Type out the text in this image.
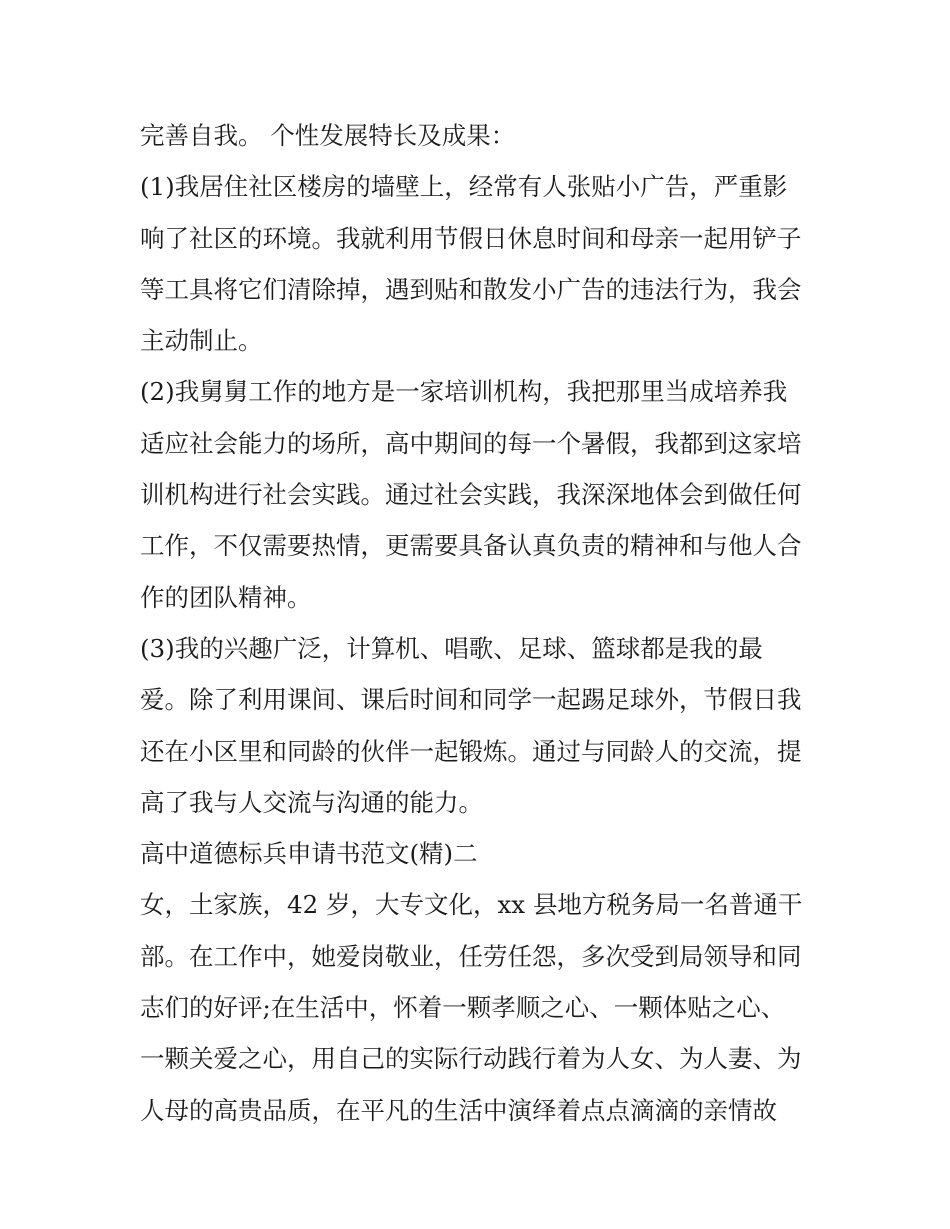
完善自我。 个性发展特长及成果：

(1)我居住社区楼房的墙壁上，经常有人张贴小广告，严重影

响了社区的环境。我就利用节假日休息时间和母亲一起用铲子

等工具将它们清除掉，遇到贴和散发小广告的违法行为，我会

主动制止。

(2)我舅舅工作的地方是一家培训机构，我把那里当成培养我

适应社会能力的场所，高中期间的每一个暑假，我都到这家培

训机构进行社会实践。通过社会实践，我深深地体会到做任何

工作，不仅需要热情，更需要具备认真负责的精神和与他人合

作的团队精神。

(3)我的兴趣广泛，计算机、唱歌、足球、篮球都是我的最

爱。除了利用课间、课后时间和同学一起踢足球外，节假日我

还在小区里和同龄的伙伴一起锻炼。通过与同龄人的交流，提

高了我与人交流与沟通的能力。

高中道德标兵申请书范文(精)二

女，土家族，42 岁，大专文化，xx 县地方税务局一名普通干

部。在工作中，她爱岗敬业，任劳任怨，多次受到局领导和同

志们的好评;在生活中，怀着一颗孝顺之心、一颗体贴之心、

一颗关爱之心，用自己的实际行动践行着为人女、为人妻、为

人母的高贵品质，在平凡的生活中演绎着点点滴滴的亲情故
